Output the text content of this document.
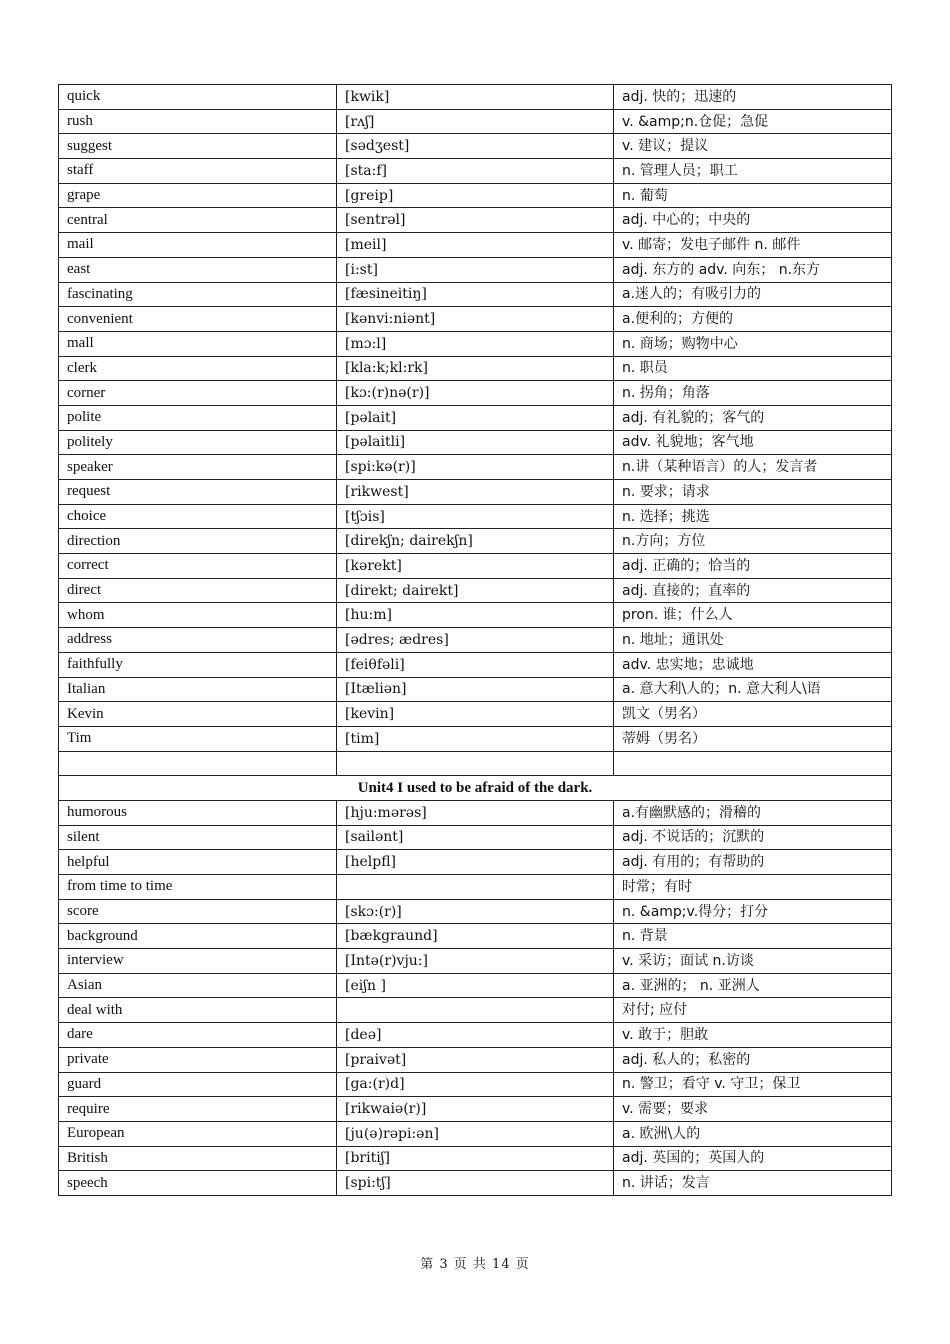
quick	[kwik]	adj. 快的；迅速的
rush	[rʌʃ]	v. &amp;n.仓促；急促
suggest	[sədʒest]	v. 建议；提议
staff	[sta:f]	n. 管理人员；职工
grape	[greip]	n. 葡萄
central	[sentrəl]	adj. 中心的；中央的
mail	[meil]	v. 邮寄；发电子邮件 n. 邮件
east	[i:st]	adj. 东方的 adv. 向东； n.东方
fascinating	[fæsineitiŋ]	a.迷人的；有吸引力的
convenient	[kənvi:niənt]	a.便利的；方便的
mall	[mɔ:l]	n. 商场；购物中心
clerk	[kla:k;kl:rk]	n. 职员
corner	[kɔ:(r)nə(r)]	n. 拐角；角落
polite	[pəlait]	adj. 有礼貌的；客气的
politely	[pəlaitli]	adv. 礼貌地；客气地
speaker	[spi:kə(r)]	n.讲（某种语言）的人；发言者
request	[rikwest]	n. 要求；请求
choice	[tʃɔis]	n. 选择；挑选
direction	[direkʃn; dairekʃn]	n.方向；方位
correct	[kərekt]	adj. 正确的；恰当的
direct	[direkt; dairekt]	adj. 直接的；直率的
whom	[hu:m]	pron. 谁；什么人
address	[ədres; ædres]	n. 地址；通讯处
faithfully	[feiθfəli]	adv. 忠实地；忠诚地
Italian	[Itæliən]	a. 意大利\人的；n. 意大利人\语
Kevin	[kevin]	凯文（男名）
Tim	[tim]	蒂姆（男名）

Unit4 I used to be afraid of the dark.		
humorous	[hju:mərəs]	a.有幽默感的；滑稽的
silent	[sailənt]	adj. 不说话的；沉默的
helpful	[helpfl]	adj. 有用的；有帮助的
from time to time		时常；有时
score	[skɔ:(r)]	n. &amp;v.得分；打分
background	[bækgraund]	n. 背景
interview	[Intə(r)vju:]	v. 采访；面试 n.访谈
Asian	[eiʃn ]	a. 亚洲的； n. 亚洲人
deal with		对付; 应付
dare	[deə]	v. 敢于；胆敢
private	[praivət]	adj. 私人的；私密的
guard	[ga:(r)d]	n. 警卫；看守 v. 守卫；保卫
require	[rikwaiə(r)]	v. 需要；要求
European	[ju(ə)rəpi:ən]	a. 欧洲\人的
British	[britiʃ]	adj. 英国的；英国人的
speech	[spi:tʃ]	n. 讲话；发言
第 3 页 共 14 页
